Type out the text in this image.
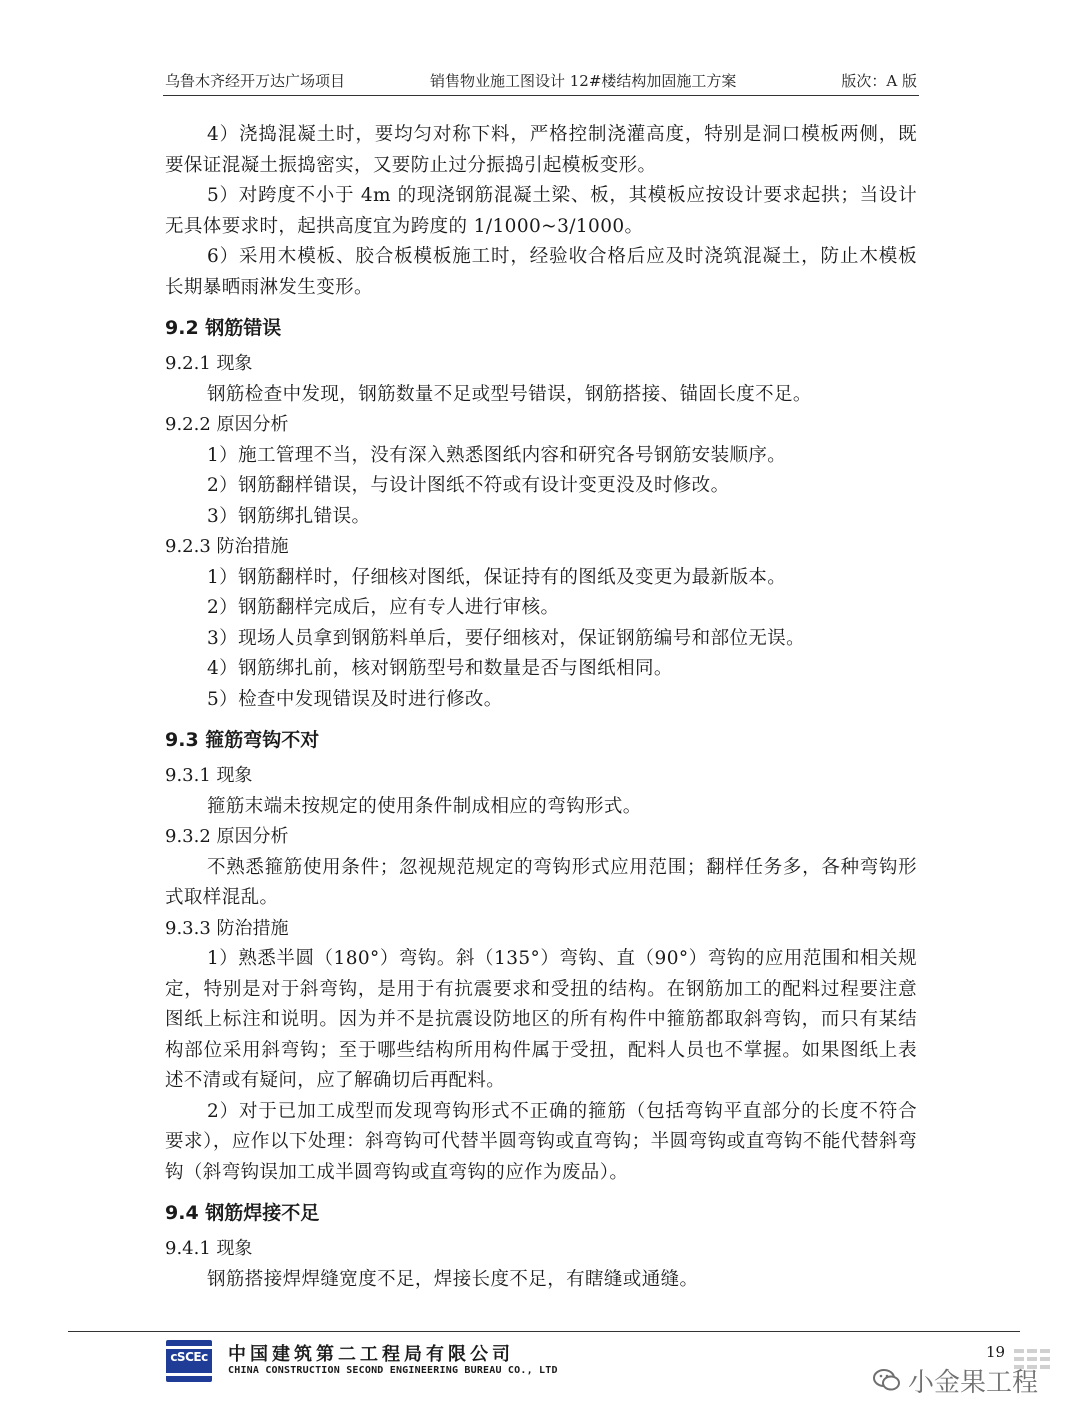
乌鲁木齐经开万达广场项目	销售物业施工图设计 12#楼结构加固施工方案	版次：A 版

4）浇捣混凝土时，要均匀对称下料，严格控制浇灌高度，特别是洞口模板两侧，既要保证混凝土振捣密实，又要防止过分振捣引起模板变形。

5）对跨度不小于 4m 的现浇钢筋混凝土梁、板，其模板应按设计要求起拱；当设计无具体要求时，起拱高度宜为跨度的 1/1000~3/1000。

6）采用木模板、胶合板模板施工时，经验收合格后应及时浇筑混凝土，防止木模板长期暴晒雨淋发生变形。

9.2 钢筋错误
9.2.1 现象

钢筋检查中发现，钢筋数量不足或型号错误，钢筋搭接、锚固长度不足。

9.2.2 原因分析

1）施工管理不当，没有深入熟悉图纸内容和研究各号钢筋安装顺序。

2）钢筋翻样错误，与设计图纸不符或有设计变更没及时修改。

3）钢筋绑扎错误。

9.2.3 防治措施

1）钢筋翻样时，仔细核对图纸，保证持有的图纸及变更为最新版本。

2）钢筋翻样完成后，应有专人进行审核。

3）现场人员拿到钢筋料单后，要仔细核对，保证钢筋编号和部位无误。

4）钢筋绑扎前，核对钢筋型号和数量是否与图纸相同。

5）检查中发现错误及时进行修改。

9.3 箍筋弯钩不对
9.3.1 现象

箍筋末端未按规定的使用条件制成相应的弯钩形式。

9.3.2 原因分析

不熟悉箍筋使用条件；忽视规范规定的弯钩形式应用范围；翻样任务多，各种弯钩形式取样混乱。

9.3.3 防治措施

1）熟悉半圆（180°）弯钩。斜（135°）弯钩、直（90°）弯钩的应用范围和相关规定，特别是对于斜弯钩，是用于有抗震要求和受扭的结构。在钢筋加工的配料过程要注意图纸上标注和说明。因为并不是抗震设防地区的所有构件中箍筋都取斜弯钩，而只有某结构部位采用斜弯钩；至于哪些结构所用构件属于受扭，配料人员也不掌握。如果图纸上表述不清或有疑问，应了解确切后再配料。

2）对于已加工成型而发现弯钩形式不正确的箍筋（包括弯钩平直部分的长度不符合要求），应作以下处理：斜弯钩可代替半圆弯钩或直弯钩；半圆弯钩或直弯钩不能代替斜弯钩（斜弯钩误加工成半圆弯钩或直弯钩的应作为废品）。

9.4 钢筋焊接不足
9.4.1 现象

钢筋搭接焊焊缝宽度不足，焊接长度不足，有瞎缝或通缝。

cSCEc 中国建筑第二工程局有限公司
CHINA CONSTRUCTION SECOND ENGINEERING BUREAU CO., LTD
19
小金果工程
